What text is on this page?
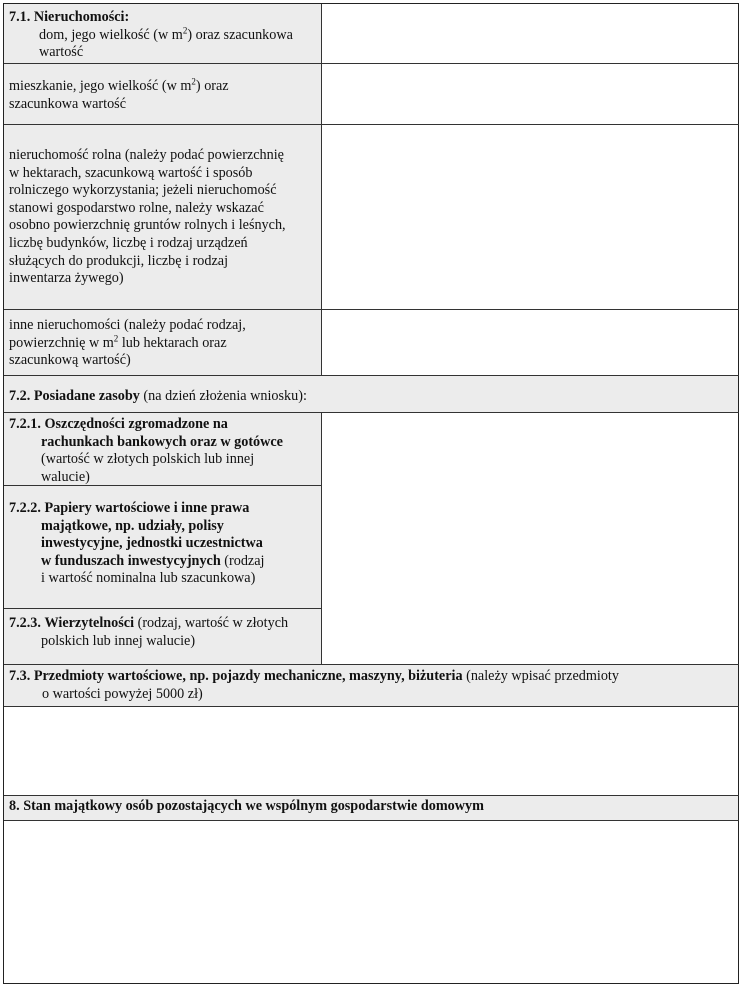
7.1. Nieruchomości:

dom, jego wielkość (w $m^2$) oraz szacunkowa
wartość
mieszkanie, jego wielkość (w $m^2$) oraz
szacunkowa wartość
nieruchomość rolna (należy podać powierzchnię
w hektarach, szacunkową wartość i sposób
rolniczego wykorzystania; jeżeli nieruchomość
stanowi gospodarstwo rolne, należy wskazać
osobno powierzchnię gruntów rolnych i leśnych,
liczbę budynków, liczbę i rodzaj urządzeń
służących do produkcji, liczbę i rodzaj
inwentarza żywego)
inne nieruchomości (należy podać rodzaj,
powierzchnię w $m^2$ lub hektarach oraz
szacunkową wartość)
7.2. Posiadane zasoby (na dzień złożenia wniosku):
7.2.1. Oszczędności zgromadzone na

rachunkach bankowych oraz w gotówce
(wartość w złotych polskich lub innej
walucie)
7.2.2. Papiery wartościowe i inne prawa

majątkowe, np. udziały, polisy
inwestycyjne, jednostki uczestnictwa
w funduszach inwestycyjnych (rodzaj
i wartość nominalna lub szacunkowa)
7.2.3. Wierzytelności (rodzaj, wartość w złotych

polskich lub innej walucie)
7.3. Przedmioty wartościowe, np. pojazdy mechaniczne, maszyny, biżuteria (należy wpisać przedmioty
o wartości powyżej 5000 zł)
8. Stan majątkowy osób pozostających we wspólnym gospodarstwie domowym
